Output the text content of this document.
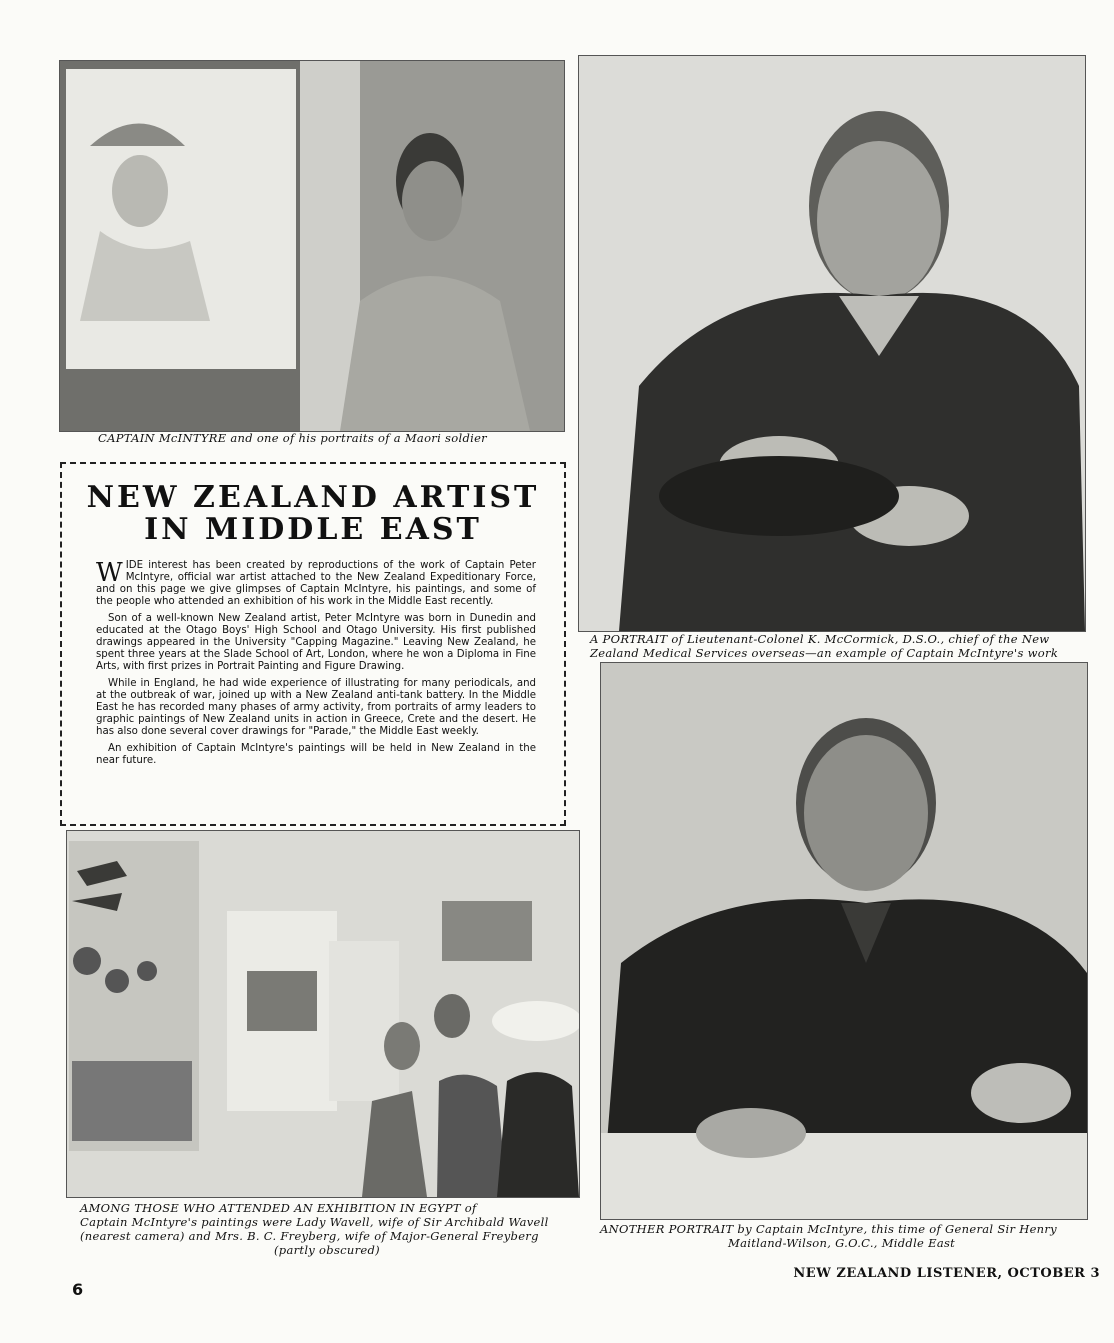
CAPTAIN McINTYRE and one of his portraits of a Maori soldier
A PORTRAIT of Lieutenant-Colonel K. McCormick, D.S.O., chief of the New
Zealand Medical Services overseas—an example of Captain McIntyre's work
NEW ZEALAND ARTIST
IN MIDDLE EAST

WIDE interest has been created by reproductions of the work of Captain Peter McIntyre, official war artist attached to the New Zealand Expeditionary Force, and on this page we give glimpses of Captain McIntyre, his paintings, and some of the people who attended an exhibition of his work in the Middle East recently.

Son of a well-known New Zealand artist, Peter McIntyre was born in Dunedin and educated at the Otago Boys' High School and Otago University. His first published drawings appeared in the University "Capping Magazine." Leaving New Zealand, he spent three years at the Slade School of Art, London, where he won a Diploma in Fine Arts, with first prizes in Portrait Painting and Figure Drawing.

While in England, he had wide experience of illustrating for many periodicals, and at the outbreak of war, joined up with a New Zealand anti-tank battery. In the Middle East he has recorded many phases of army activity, from portraits of army leaders to graphic paintings of New Zealand units in action in Greece, Crete and the desert. He has also done several cover drawings for "Parade," the Middle East weekly.

An exhibition of Captain McIntyre's paintings will be held in New Zealand in the near future.

AMONG THOSE WHO ATTENDED AN EXHIBITION IN EGYPT of
Captain McIntyre's paintings were Lady Wavell, wife of Sir Archibald Wavell
(nearest camera) and Mrs. B. C. Freyberg, wife of Major-General Freyberg
(partly obscured)
ANOTHER PORTRAIT by Captain McIntyre, this time of General Sir Henry
Maitland-Wilson, G.O.C., Middle East
6
NEW ZEALAND LISTENER, OCTOBER 3
